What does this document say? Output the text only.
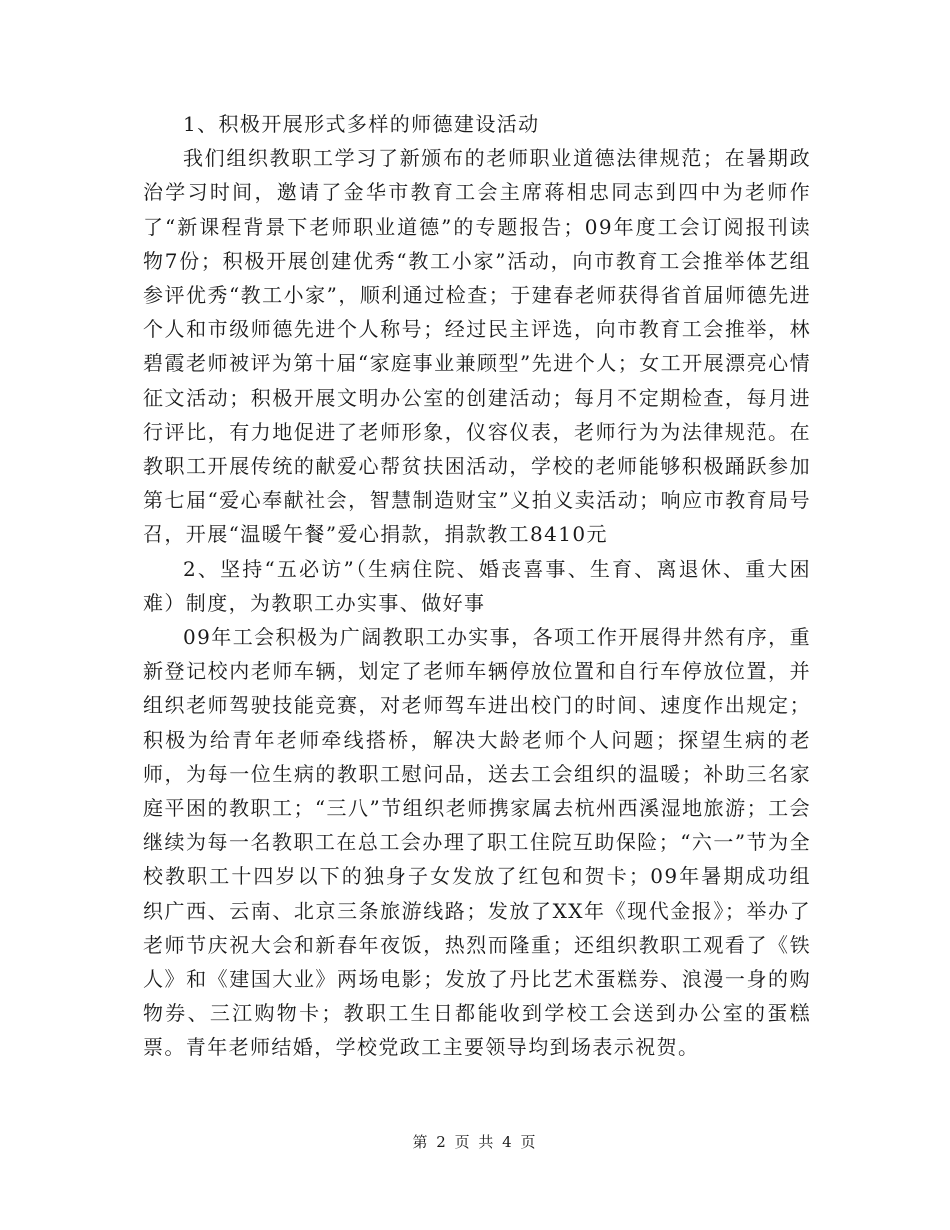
1、积极开展形式多样的师德建设活动

我们组织教职工学习了新颁布的老师职业道德法律规范；在暑期政治学习时间，邀请了金华市教育工会主席蒋相忠同志到四中为老师作了“新课程背景下老师职业道德”的专题报告；09年度工会订阅报刊读物7份；积极开展创建优秀“教工小家”活动，向市教育工会推举体艺组参评优秀“教工小家”，顺利通过检查；于建春老师获得省首届师德先进个人和市级师德先进个人称号；经过民主评选，向市教育工会推举，林碧霞老师被评为第十届“家庭事业兼顾型”先进个人；女工开展漂亮心情征文活动；积极开展文明办公室的创建活动；每月不定期检查，每月进行评比，有力地促进了老师形象，仪容仪表，老师行为为法律规范。在教职工开展传统的献爱心帮贫扶困活动，学校的老师能够积极踊跃参加第七届“爱心奉献社会，智慧制造财宝”义拍义卖活动；响应市教育局号召，开展“温暖午餐”爱心捐款，捐款教工8410元

2、坚持“五必访”（生病住院、婚丧喜事、生育、离退休、重大困难）制度，为教职工办实事、做好事

09年工会积极为广阔教职工办实事，各项工作开展得井然有序，重新登记校内老师车辆，划定了老师车辆停放位置和自行车停放位置，并组织老师驾驶技能竞赛，对老师驾车进出校门的时间、速度作出规定；积极为给青年老师牵线搭桥，解决大龄老师个人问题；探望生病的老师，为每一位生病的教职工慰问品，送去工会组织的温暖；补助三名家庭平困的教职工；“三八”节组织老师携家属去杭州西溪湿地旅游；工会继续为每一名教职工在总工会办理了职工住院互助保险；“六一”节为全校教职工十四岁以下的独身子女发放了红包和贺卡；09年暑期成功组织广西、云南、北京三条旅游线路；发放了XX年《现代金报》；举办了老师节庆祝大会和新春年夜饭，热烈而隆重；还组织教职工观看了《铁人》和《建国大业》两场电影；发放了丹比艺术蛋糕券、浪漫一身的购物券、三江购物卡；教职工生日都能收到学校工会送到办公室的蛋糕票。青年老师结婚，学校党政工主要领导均到场表示祝贺。

第 2 页 共 4 页
